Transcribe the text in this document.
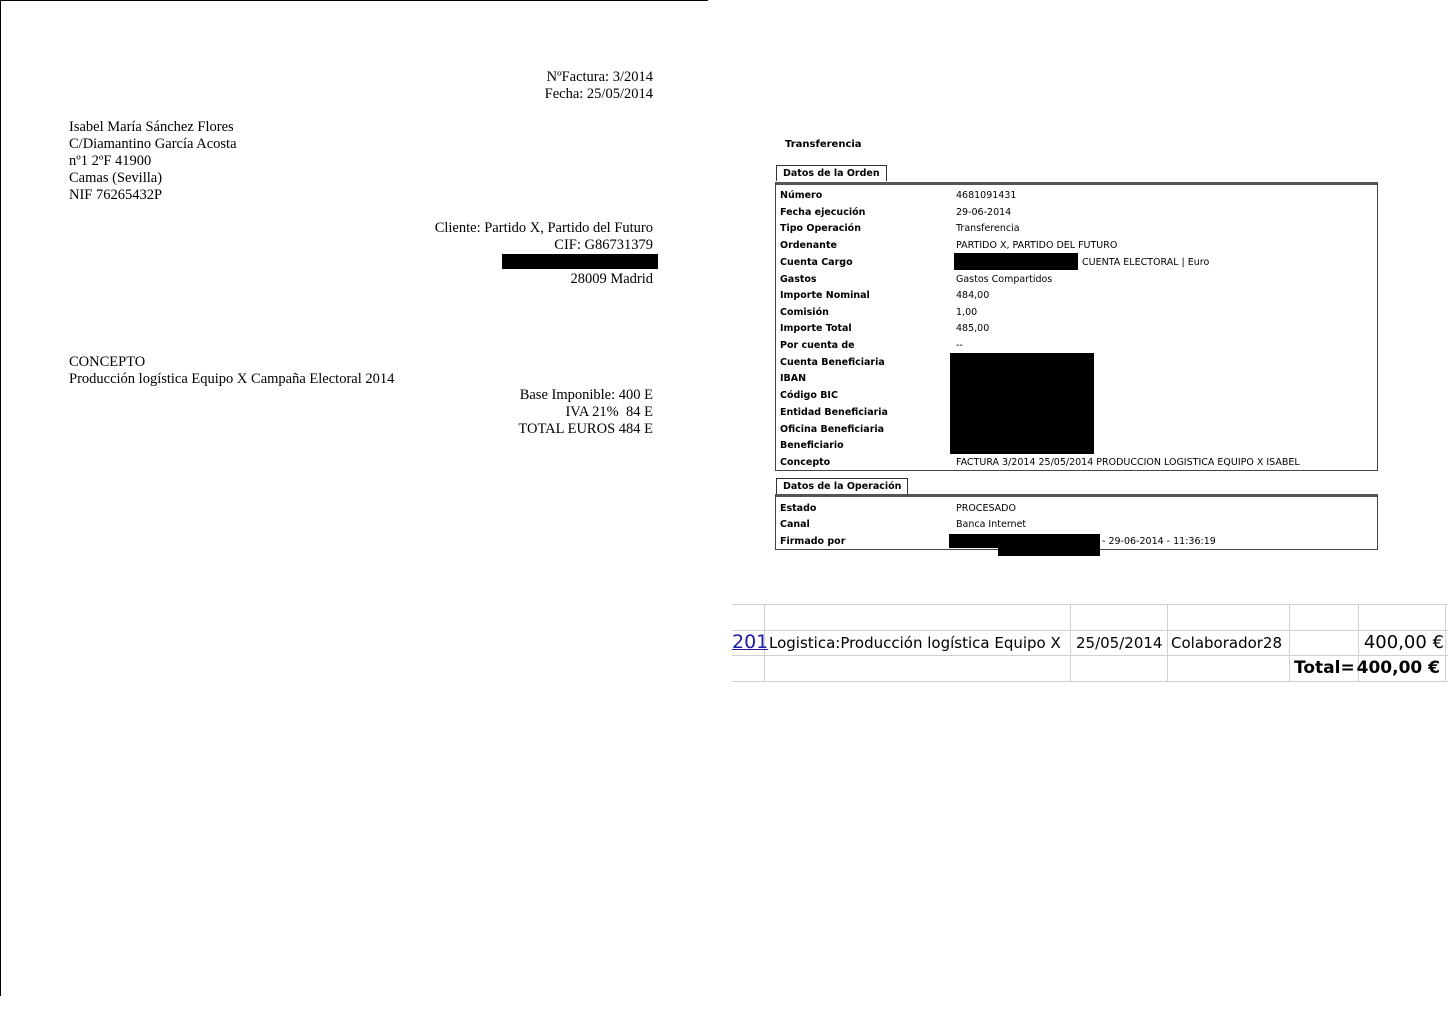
NºFactura: 3/2014
Fecha: 25/05/2014
Isabel María Sánchez Flores
C/Diamantino García Acosta
nº1 2ºF 41900
Camas (Sevilla)
NIF 76265432P
Cliente: Partido X, Partido del Futuro
CIF: G86731379
28009 Madrid
CONCEPTO
Producción logística Equipo X Campaña Electoral 2014
Base Imponible: 400 E
IVA 21%  84 E
TOTAL EUROS 484 E
Transferencia
Datos de la Orden
Número	4681091431
Fecha ejecución	29-06-2014
Tipo Operación	Transferencia
Ordenante	PARTIDO X, PARTIDO DEL FUTURO
Cuenta Cargo	CUENTA ELECTORAL | Euro
Gastos	Gastos Compartidos
Importe Nominal	484,00
Comisión	1,00
Importe Total	485,00
Por cuenta de	--
Cuenta Beneficiaria
IBAN
Código BIC
Entidad Beneficiaria
Oficina Beneficiaria
Beneficiario
Concepto	FACTURA 3/2014 25/05/2014 PRODUCCION LOGISTICA EQUIPO X ISABEL
Datos de la Operación
Estado	PROCESADO
Canal	Banca Internet
Firmado por	- 29-06-2014 - 11:36:19
201 Logistica:Producción logística Equipo X 25/05/2014 Colaborador28	400,00 €
Total= 400,00 €
